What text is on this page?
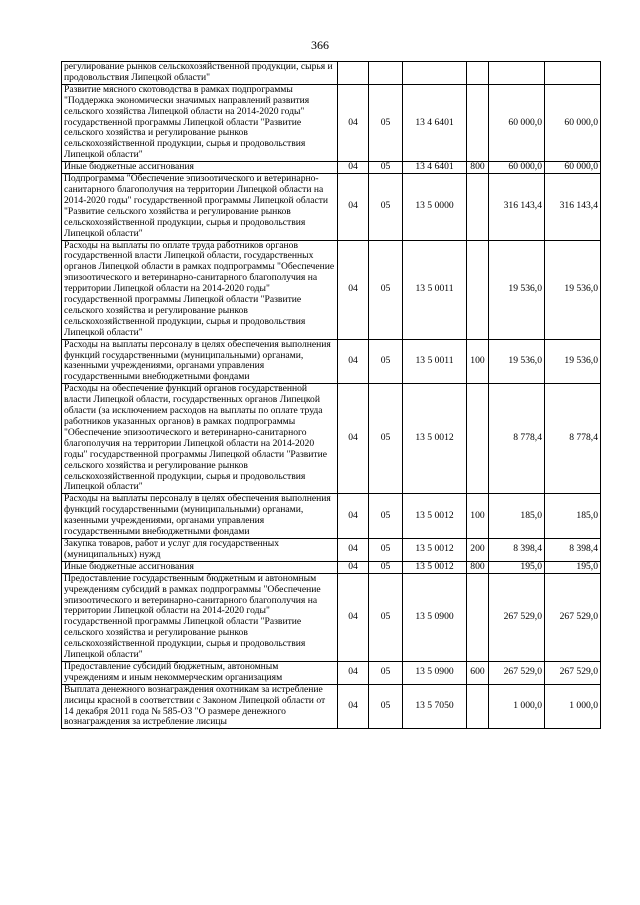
366
регулирование рынков сельскохозяйственной продукции, сырья и продовольствия Липецкой области"						
Развитие мясного скотоводства в рамках подпрограммы "Поддержка экономически значимых направлений развития сельского хозяйства Липецкой области на 2014-2020 годы" государственной программы Липецкой области "Развитие сельского хозяйства и регулирование рынков сельскохозяйственной продукции, сырья и продовольствия Липецкой области"	04	05	13 4 6401		60 000,0	60 000,0
Иные бюджетные ассигнования	04	05	13 4 6401	800	60 000,0	60 000,0
Подпрограмма "Обеспечение эпизоотического и ветеринарно-санитарного благополучия на территории Липецкой области на 2014-2020 годы" государственной программы Липецкой области "Развитие сельского хозяйства и регулирование рынков сельскохозяйственной продукции, сырья и продовольствия Липецкой области"	04	05	13 5 0000		316 143,4	316 143,4
Расходы на выплаты по оплате труда работников органов государственной власти Липецкой области, государственных органов Липецкой области в рамках подпрограммы "Обеспечение эпизоотического и ветеринарно-санитарного благополучия на территории Липецкой области на 2014-2020 годы" государственной программы Липецкой области "Развитие сельского хозяйства и регулирование рынков сельскохозяйственной продукции, сырья и продовольствия Липецкой области"	04	05	13 5 0011		19 536,0	19 536,0
Расходы на выплаты персоналу в целях обеспечения выполнения функций государственными (муниципальными) органами, казенными учреждениями, органами управления государственными внебюджетными фондами	04	05	13 5 0011	100	19 536,0	19 536,0
Расходы на обеспечение функций органов государственной власти Липецкой области, государственных органов Липецкой области (за исключением расходов на выплаты по оплате труда работников указанных органов) в рамках подпрограммы "Обеспечение эпизоотического и ветеринарно-санитарного благополучия на территории Липецкой области на 2014-2020 годы" государственной программы Липецкой области "Развитие сельского хозяйства и регулирование рынков сельскохозяйственной продукции, сырья и продовольствия Липецкой области"	04	05	13 5 0012		8 778,4	8 778,4
Расходы на выплаты персоналу в целях обеспечения выполнения функций государственными (муниципальными) органами, казенными учреждениями, органами управления государственными внебюджетными фондами	04	05	13 5 0012	100	185,0	185,0
Закупка товаров, работ и услуг для государственных (муниципальных) нужд	04	05	13 5 0012	200	8 398,4	8 398,4
Иные бюджетные ассигнования	04	05	13 5 0012	800	195,0	195,0
Предоставление государственным бюджетным и автономным учреждениям субсидий в рамках подпрограммы "Обеспечение эпизоотического и ветеринарно-санитарного благополучия на территории Липецкой области на 2014-2020 годы" государственной программы Липецкой области "Развитие сельского хозяйства и регулирование рынков сельскохозяйственной продукции, сырья и продовольствия Липецкой области"	04	05	13 5 0900		267 529,0	267 529,0
Предоставление субсидий бюджетным, автономным учреждениям и иным некоммерческим организациям	04	05	13 5 0900	600	267 529,0	267 529,0
Выплата денежного вознаграждения охотникам за истребление лисицы красной в соответствии с Законом Липецкой области от 14 декабря 2011 года № 585-ОЗ "О размере денежного вознаграждения за истребление лисицы	04	05	13 5 7050		1 000,0	1 000,0
